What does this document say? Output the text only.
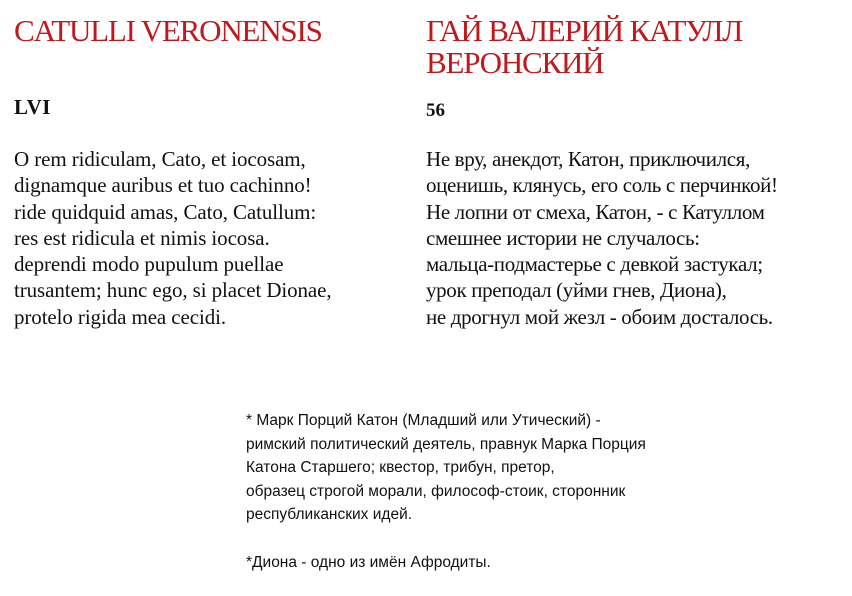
CATULLI VERONENSIS
LVI
O rem ridiculam, Cato, et iocosam,
dignamque auribus et tuo cachinno!
ride quidquid amas, Cato, Catullum:
res est ridicula et nimis iocosa.
deprendi modo pupulum puellae
trusantem; hunc ego, si placet Dionae,
protelo rigida mea cecidi.
ГАЙ ВАЛЕРИЙ КАТУЛЛ
ВЕРОНСКИЙ
56
Не вру, анекдот, Катон, приключился,
оценишь, клянусь, его соль с перчинкой!
Не лопни от смеха, Катон, - с Катуллом
смешнее истории не случалось:
мальца-подмастерье с девкой застукал;
урок преподал (уйми гнев, Диона),
не дрогнул мой жезл - обоим досталось.
* Марк Порций Катон (Младший или Утический) -
римский политический деятель, правнук Марка Порция
Катона Старшего; квестор, трибун, претор,
образец строгой морали, философ-стоик, сторонник
республиканских идей.
*Диона - одно из имён Афродиты.
